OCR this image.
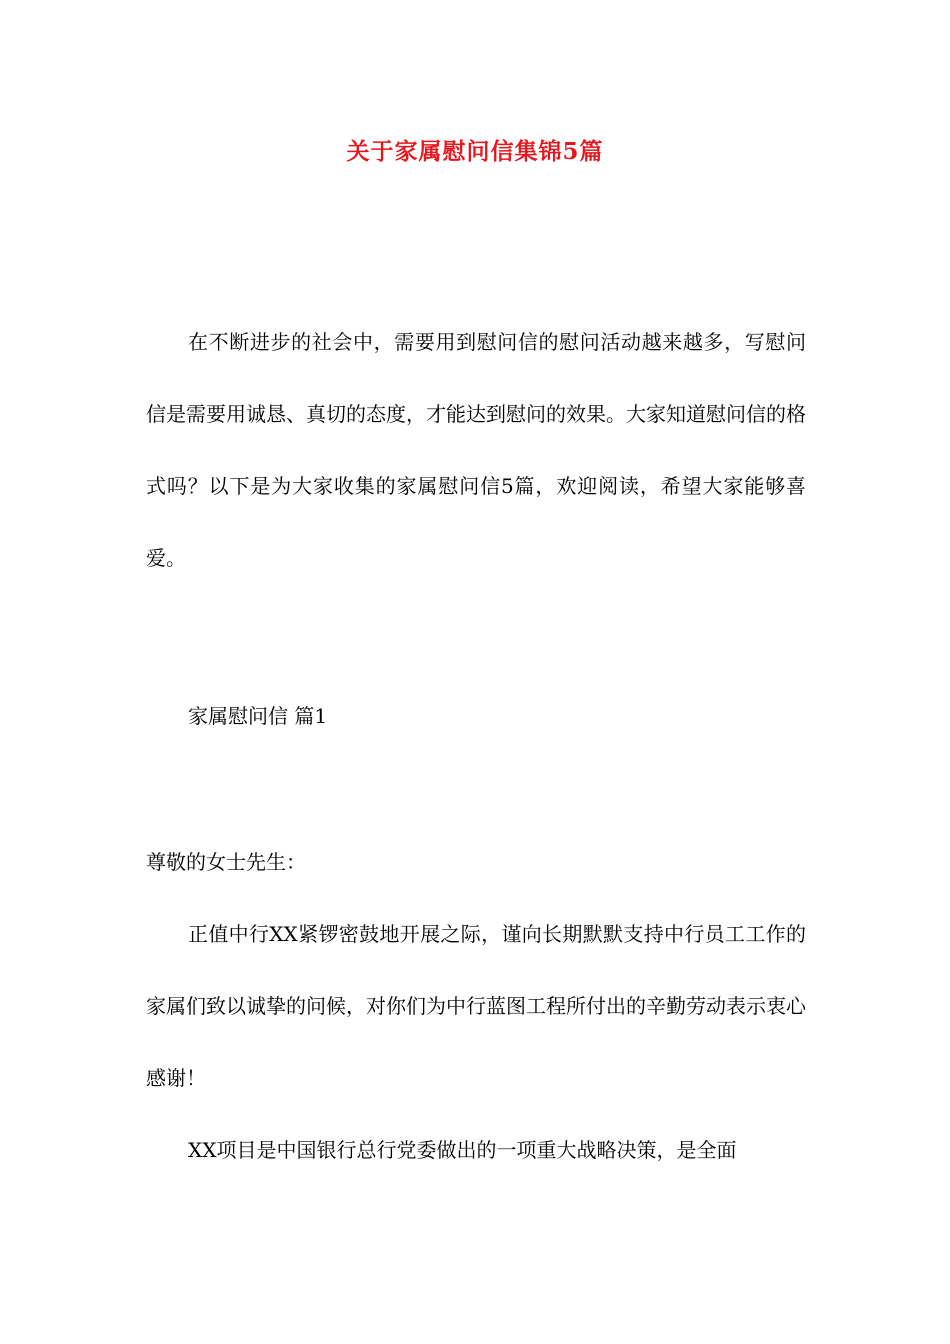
关于家属慰问信集锦5篇

在不断进步的社会中，需要用到慰问信的慰问活动越来越多，写慰问信是需要用诚恳、真切的态度，才能达到慰问的效果。大家知道慰问信的格式吗？以下是为大家收集的家属慰问信5篇，欢迎阅读，希望大家能够喜爱。

家属慰问信 篇1

尊敬的女士先生：

正值中行XX紧锣密鼓地开展之际，谨向长期默默支持中行员工工作的家属们致以诚挚的问候，对你们为中行蓝图工程所付出的辛勤劳动表示衷心感谢！

XX项目是中国银行总行党委做出的一项重大战略决策，是全面
